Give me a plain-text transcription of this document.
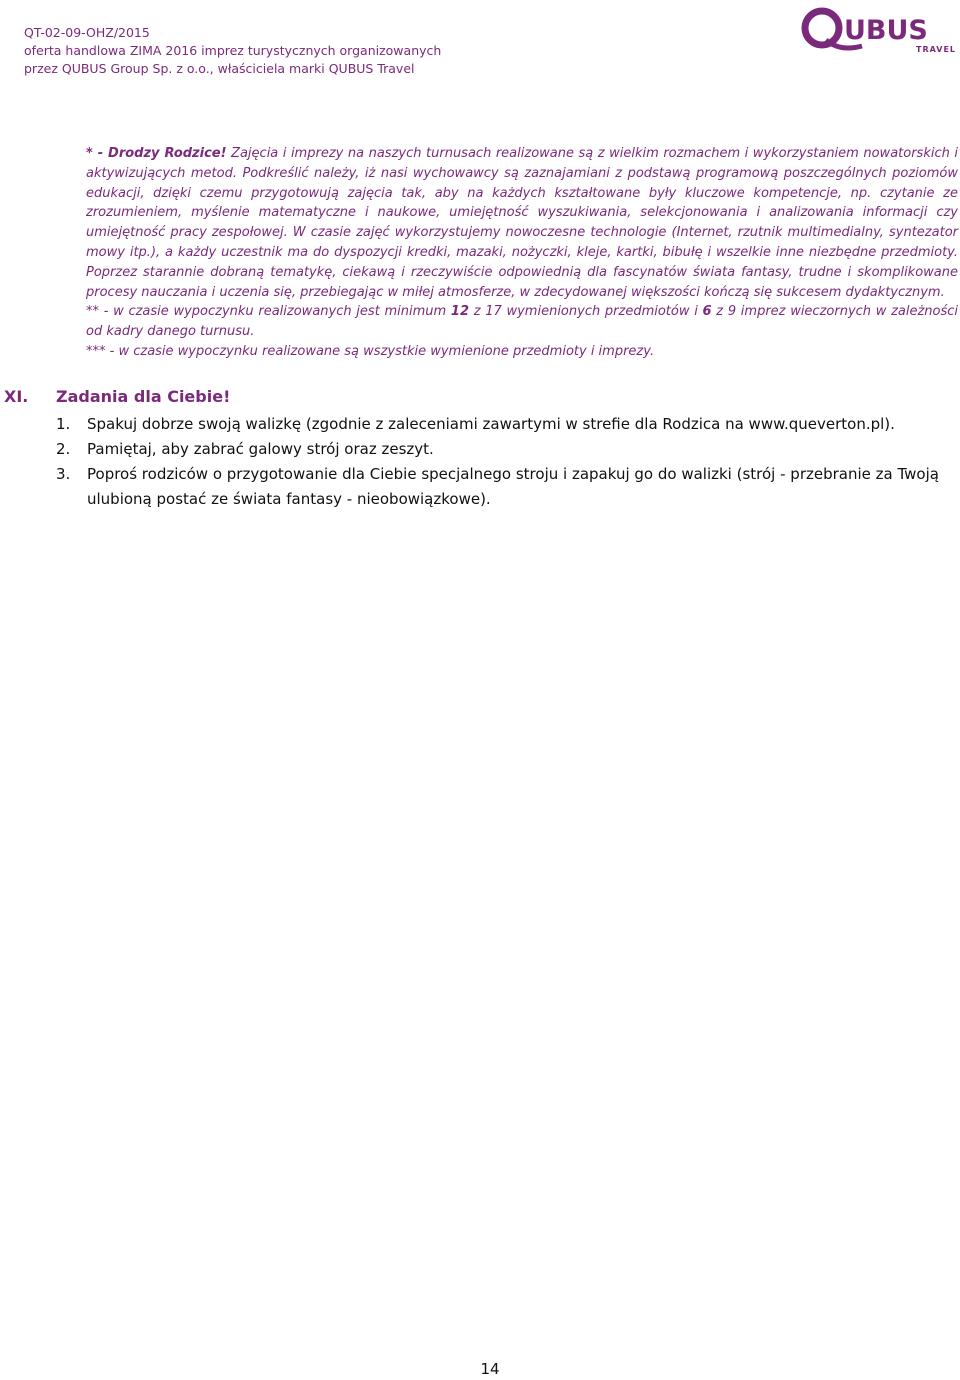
QT-02-09-OHZ/2015
oferta handlowa ZIMA 2016 imprez turystycznych organizowanych
przez QUBUS Group Sp. z o.o., właściciela marki QUBUS Travel
UBUS
TRAVEL

* - Drodzy Rodzice! Zajęcia i imprezy na naszych turnusach realizowane są z wielkim rozmachem i wykorzystaniem nowatorskich i aktywizujących metod. Podkreślić należy, iż nasi wychowawcy są zaznajamiani z podstawą programową poszczególnych poziomów edukacji, dzięki czemu przygotowują zajęcia tak, aby na każdych kształtowane były kluczowe kompetencje, np. czytanie ze zrozumieniem, myślenie matematyczne i naukowe, umiejętność wyszukiwania, selekcjonowania i analizowania informacji czy umiejętność pracy zespołowej. W czasie zajęć wykorzystujemy nowoczesne technologie (Internet, rzutnik multimedialny, syntezator mowy itp.), a każdy uczestnik ma do dyspozycji kredki, mazaki, nożyczki, kleje, kartki, bibułę i wszelkie inne niezbędne przedmioty. Poprzez starannie dobraną tematykę, ciekawą i rzeczywiście odpowiednią dla fascynatów świata fantasy, trudne i skomplikowane procesy nauczania i uczenia się, przebiegając w miłej atmosferze, w zdecydowanej większości kończą się sukcesem dydaktycznym.

** - w czasie wypoczynku realizowanych jest minimum 12 z 17 wymienionych przedmiotów i 6 z 9 imprez wieczornych w zależności od kadry danego turnusu.

*** - w czasie wypoczynku realizowane są wszystkie wymienione przedmioty i imprezy.

XI. Zadania dla Ciebie!
1. Spakuj dobrze swoją walizkę (zgodnie z zaleceniami zawartymi w strefie dla Rodzica na www.queverton.pl).
2. Pamiętaj, aby zabrać galowy strój oraz zeszyt.
3. Poproś rodziców o przygotowanie dla Ciebie specjalnego stroju i zapakuj go do walizki (strój - przebranie za Twoją ulubioną postać ze świata fantasy - nieobowiązkowe).
14
